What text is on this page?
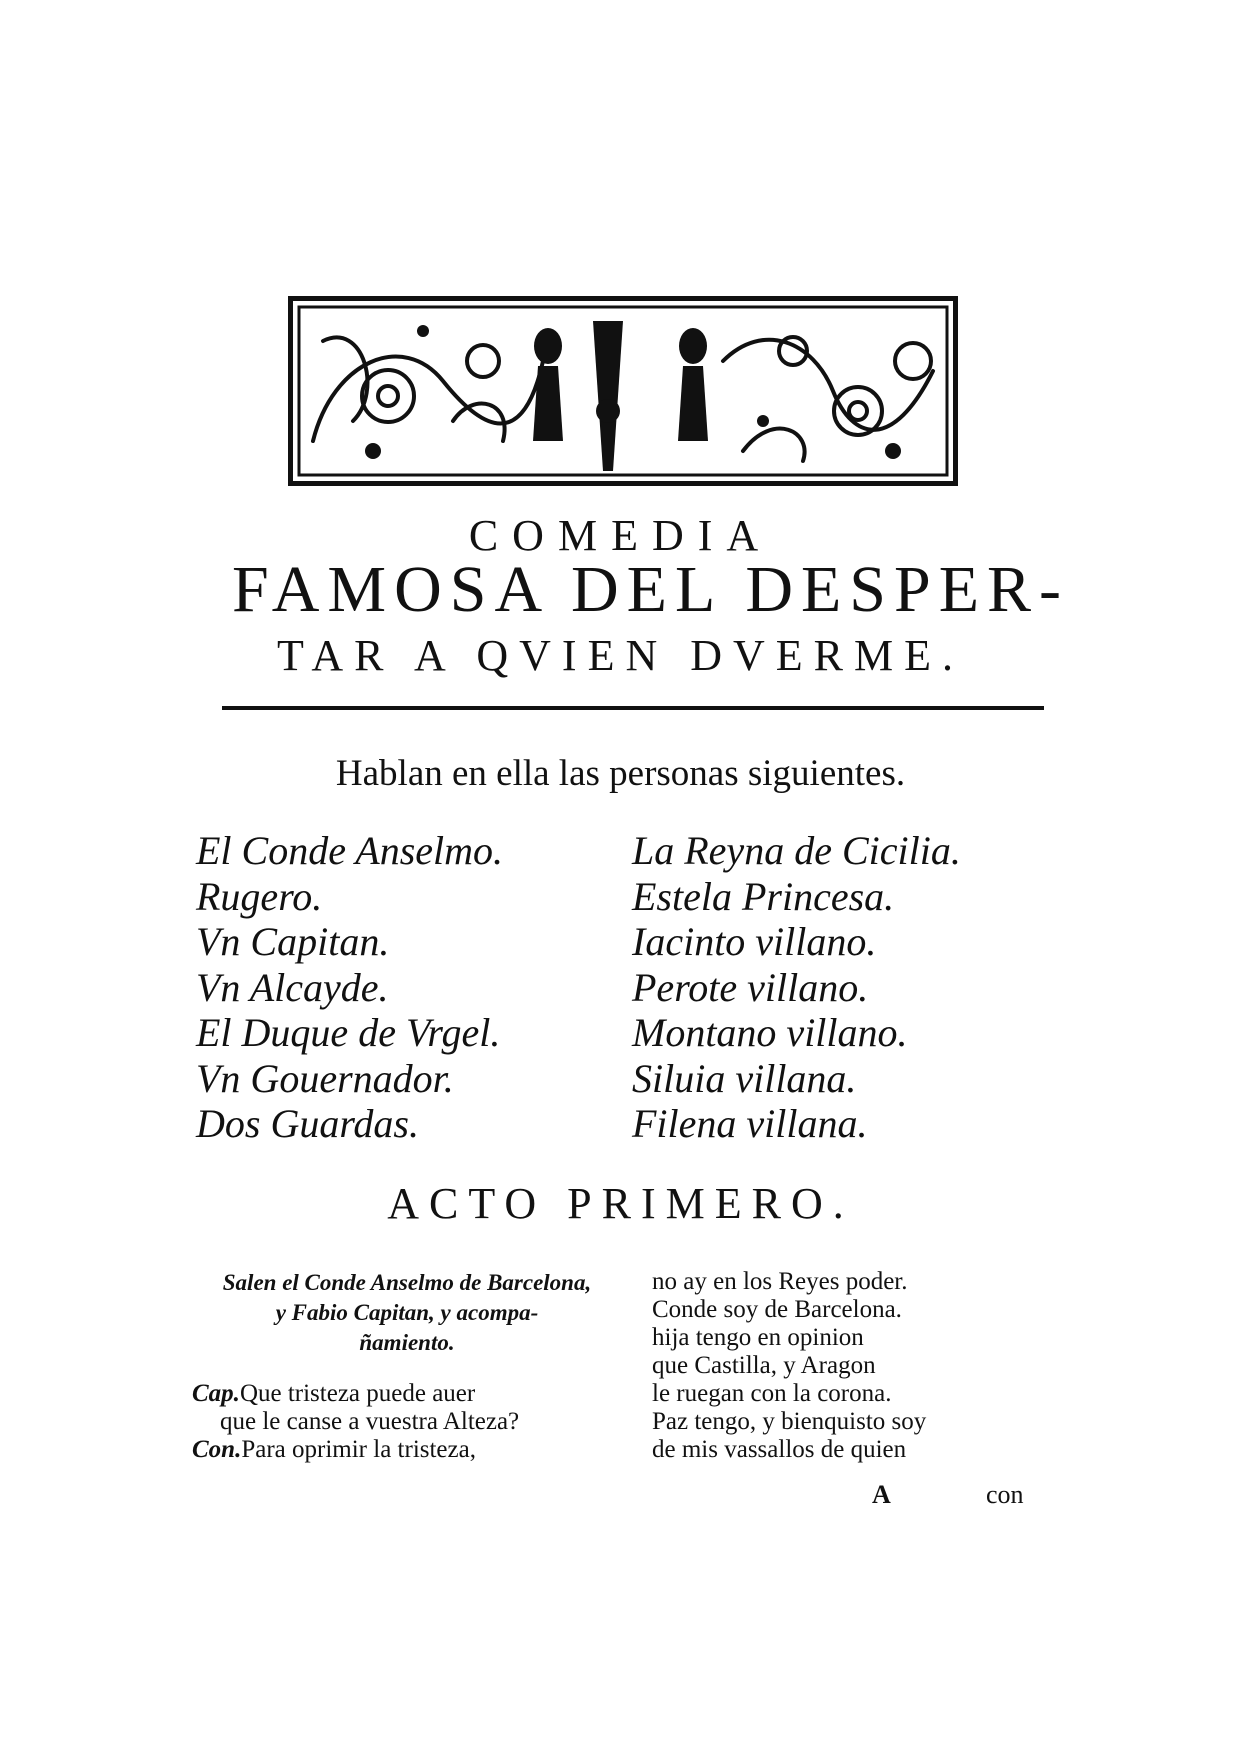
COMEDIA
FAMOSA DEL DESPER-
TAR A QVIEN DVERME.
Hablan en ella las personas siguientes.
El Conde Anselmo.
Rugero.
Vn Capitan.
Vn Alcayde.
El Duque de Vrgel.
Vn Gouernador.
Dos Guardas.
La Reyna de Cicilia.
Estela Princesa.
Iacinto villano.
Perote villano.
Montano villano.
Siluia villana.
Filena villana.
ACTO PRIMERO.
Salen el Conde Anselmo de Barcelona,
y Fabio Capitan, y acompa-
ñamiento.
Cap.Que tristeza puede auer
que le canse a vuestra Alteza?
Con.Para oprimir la tristeza,
no ay en los Reyes poder.
Conde soy de Barcelona.
hija tengo en opinion
que Castilla, y Aragon
le ruegan con la corona.
Paz tengo, y bienquisto soy
de mis vassallos de quien
A	con
